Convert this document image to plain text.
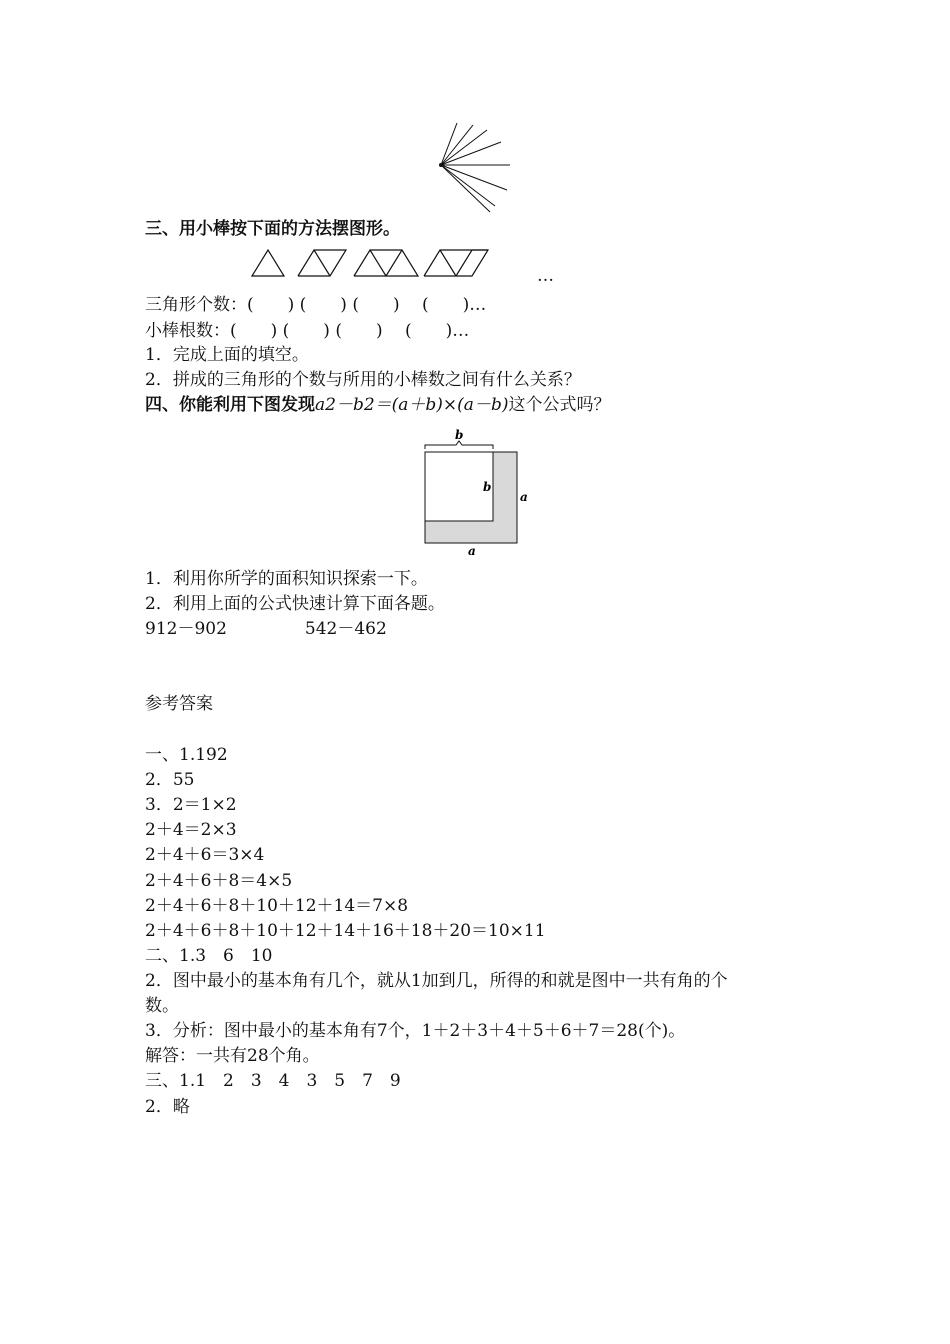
三、用小棒按下面的方法摆图形。
…
三角形个数：(　　) (　　) (　　)　 (　　)…
小棒根数：(　　) (　　) (　　)　 (　　)…
1．完成上面的填空。
2．拼成的三角形的个数与所用的小棒数之间有什么关系？
四、你能利用下图发现a2－b2＝(a＋b)×(a－b)这个公式吗？
b
b
a
a
1．利用你所学的面积知识探索一下。
2．利用上面的公式快速计算下面各题。
912－902	542－462
参考答案
一、1.192
2．55
3．2＝1×2
2＋4＝2×3
2＋4＋6＝3×4
2＋4＋6＋8＝4×5
2＋4＋6＋8＋10＋12＋14＝7×8
2＋4＋6＋8＋10＋12＋14＋16＋18＋20＝10×11
二、1.3　6　10
2．图中最小的基本角有几个，就从1加到几，所得的和就是图中一共有角的个
数。
3．分析：图中最小的基本角有7个，1＋2＋3＋4＋5＋6＋7＝28(个)。
解答：一共有28个角。
三、1.1　2　3　4　3　5　7　9
2．略
